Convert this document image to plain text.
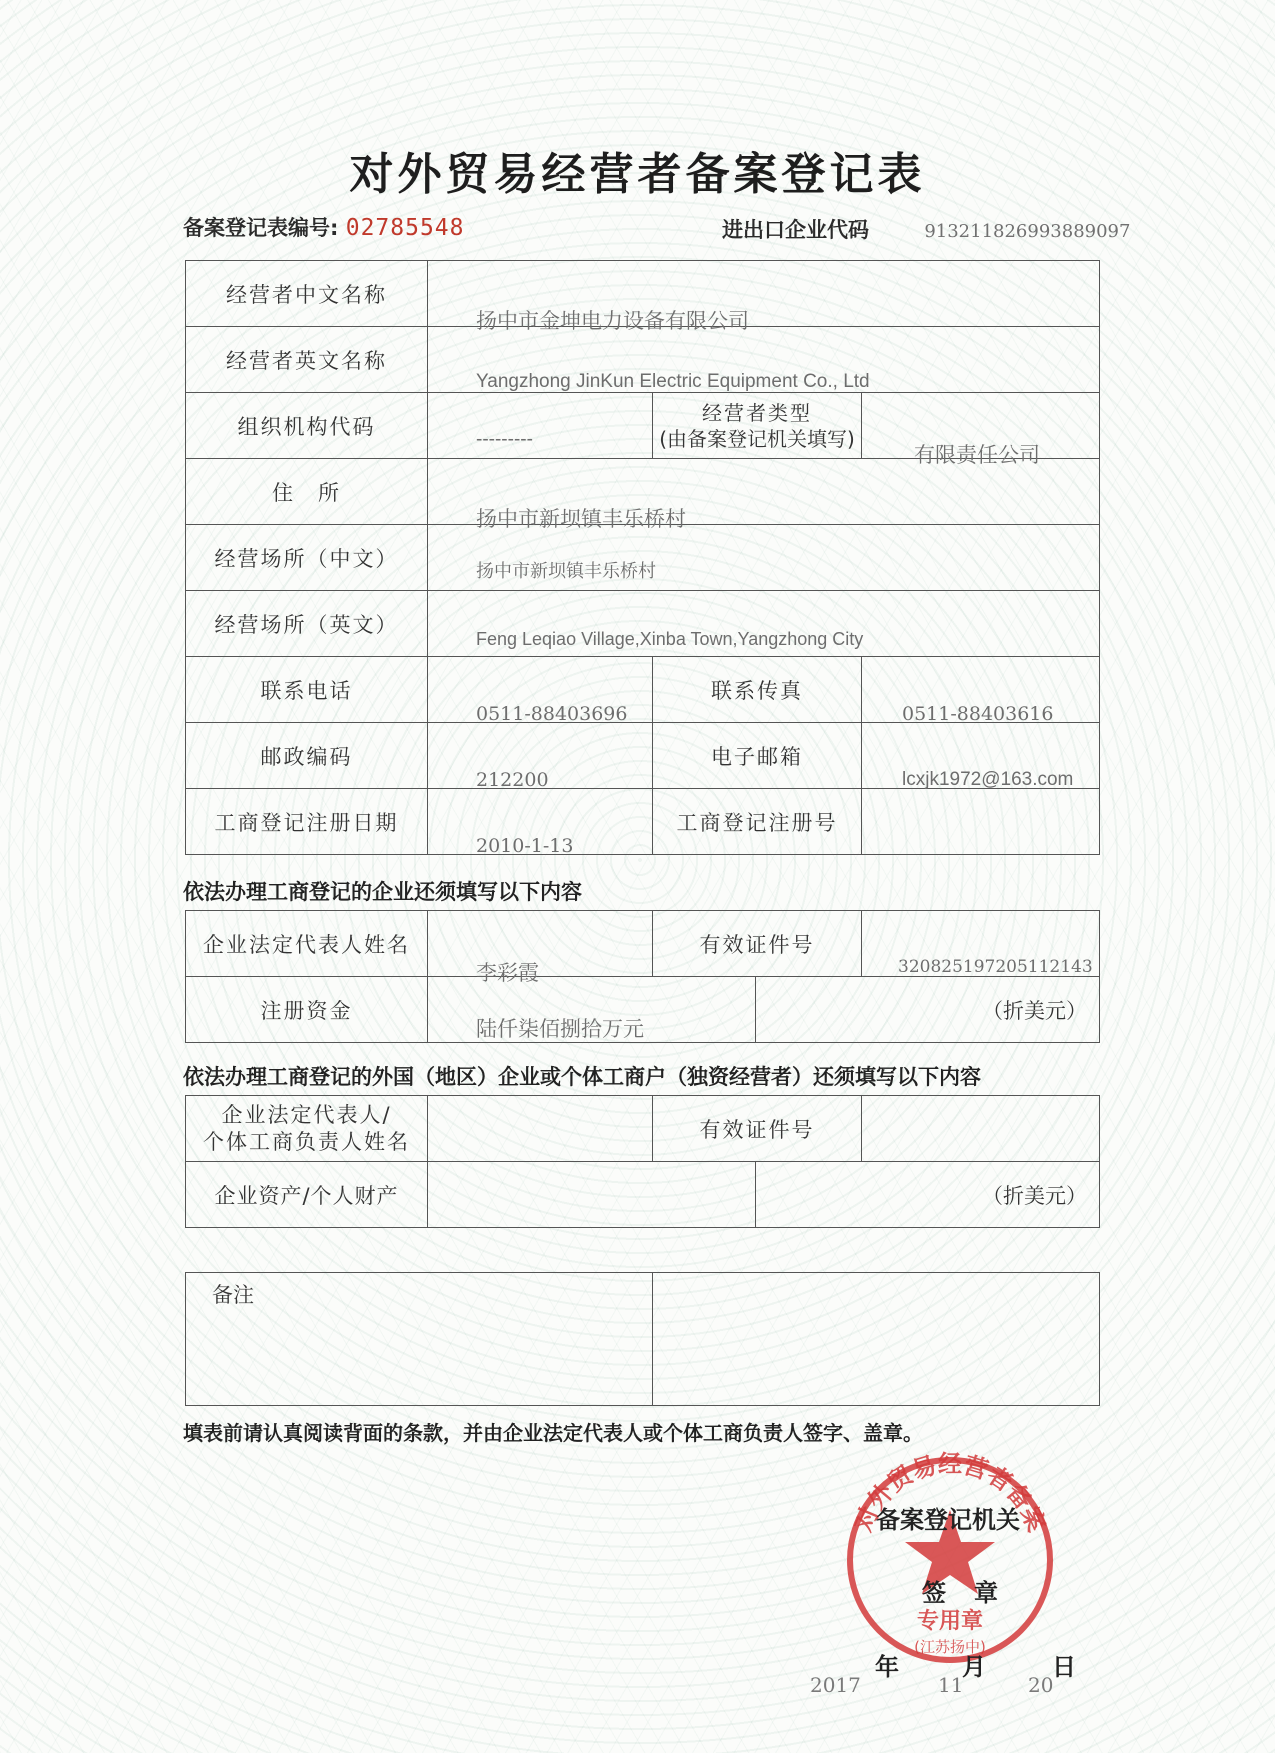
对外贸易经营者备案登记表
备案登记表编号: 02785548	进出口企业代码	913211826993889097
经营者中文名称	扬中市金坤电力设备有限公司		

经营者英文名称	Yangzhong JinKun Electric Equipment Co., Ltd		

组织机构代码	---------	经营者类型
(由备案登记机关填写)	有限责任公司

住　所	扬中市新坝镇丰乐桥村		

经营场所（中文）	扬中市新坝镇丰乐桥村		

经营场所（英文）	Feng Leqiao Village,Xinba Town,Yangzhong City		

联系电话	0511-88403696	联系传真	0511-88403616

邮政编码	212200	电子邮箱	lcxjk1972@163.com

工商登记注册日期	2010-1-13	工商登记注册号	
依法办理工商登记的企业还须填写以下内容
企业法定代表人姓名	李彩霞	有效证件号		320825197205112143

注册资金	陆仟柒佰捌拾万元		（折美元）	
依法办理工商登记的外国（地区）企业或个体工商户（独资经营者）还须填写以下内容
企业法定代表人/
个体工商负责人姓名		有效证件号		
企业资产/个人财产			（折美元）	
备注

填表前请认真阅读背面的条款，并由企业法定代表人或个体工商负责人签字、盖章。
对外贸易经营者备案
专用章
(江苏扬中)
备案登记机关
签章
年	月	日
2017	11	20
